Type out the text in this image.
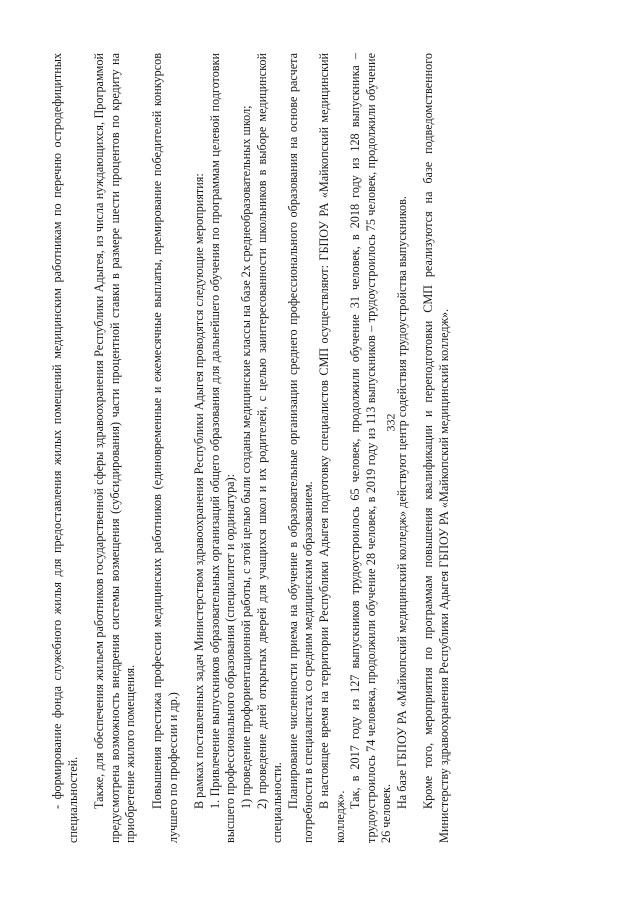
332

- формирование фонда служебного жилья для предоставления жилых помещений медицинским работникам по перечню остродефицитных специальностей. Также, для обеспечения жильем работников государственной сферы здравоохранения Республики Адыгея, из числа нуждающихся, Программой предусмотрена возможность внедрения системы возмещения (субсидирования) части процентной ставки в размере шести процентов по кредиту на приобретение жилого помещения. Повышения престижа профессии медицинских работников (единовременные и ежемесячные выплаты, премирование победителей конкурсов лучшего по профессии и др.) В рамках поставленных задач Министерством здравоохранения Республики Адыгея проводятся следующие мероприятия: 1. Привлечение выпускников образовательных организаций общего образования для дальнейшего обучения по программам целевой подготовки высшего профессионального образования (специалитет и ординатура): 1) проведение профориентационной работы, с этой целью были созданы медицинские классы на базе 2х среднеобразовательных школ; 2) проведение дней открытых дверей для учащихся школ и их родителей, с целью заинтересованности школьников в выборе медицинской специальности. Планирование численности приема на обучение в образовательные организации среднего профессионального образования на основе расчета потребности в специалистах со средним медицинским образованием. В настоящее время на территории Республики Адыгея подготовку специалистов СМП осуществляют: ГБПОУ РА «Майкопский медицинский колледж».
Так, в 2017 году из 127 выпускников трудоустроилось 65 человек, продолжили обучение 31 человек, в 2018 году из 128 выпускника – трудоустроилось 74 человека, продолжили обучение 28 человек, в 2019 году из 113 выпускников – трудоустроилось 75 человек, продолжили обучение 26 человек.
На базе ГБПОУ РА «Майкопский медицинский колледж» действуют центр содействия трудоустройства выпускников. Кроме того, мероприятия по программам повышения квалификации и переподготовки СМП реализуются на базе подведомственного Министерству здравоохранения Республики Адыгея ГБПОУ РА «Майкопский медицинский колледж».
